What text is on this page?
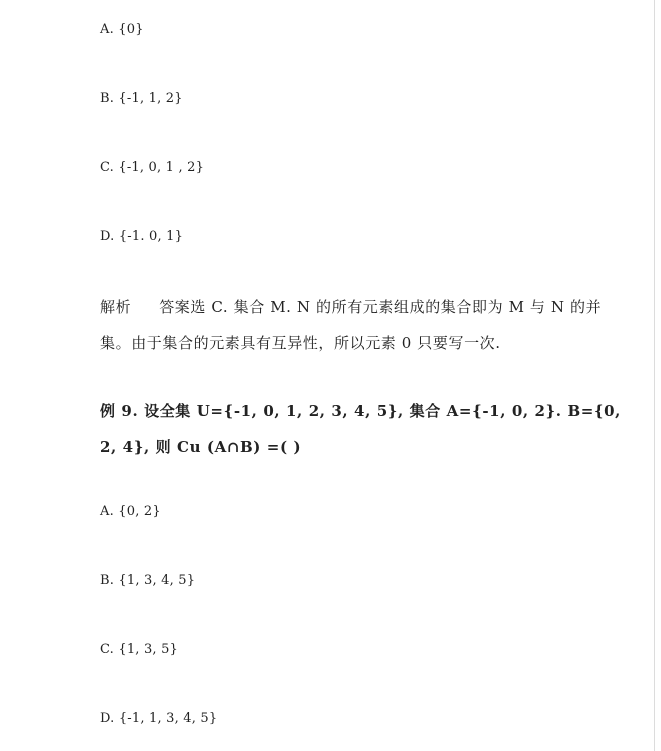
A. {0}
B. {-1, 1, 2}
C. {-1, 0, 1 , 2}
D. {-1. 0, 1}
解析 答案选 C. 集合 M. N 的所有元素组成的集合即为 M 与 N 的并
集。由于集合的元素具有互异性，所以元素 0 只要写一次.
例 9. 设全集 U={-1, 0, 1, 2, 3, 4, 5}, 集合 A={-1, 0, 2}. B={0,
2, 4}, 则 Cu (A∩B) =( )
A. {0, 2}
B. {1, 3, 4, 5}
C. {1, 3, 5}
D. {-1, 1, 3, 4, 5}
